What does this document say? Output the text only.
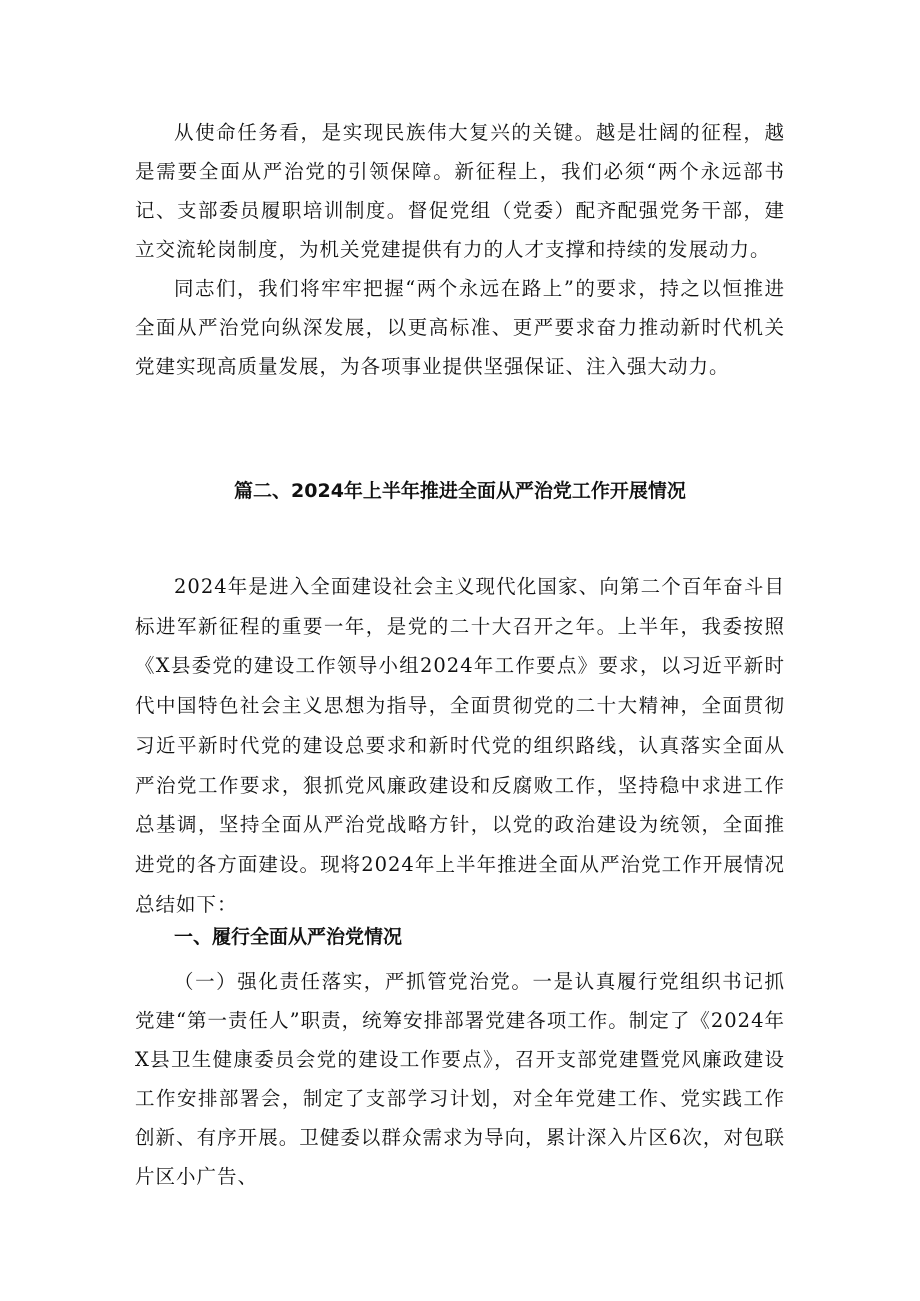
从使命任务看，是实现民族伟大复兴的关键。越是壮阔的征程，越是需要全面从严治党的引领保障。新征程上，我们必须“两个永远部书记、支部委员履职培训制度。督促党组（党委）配齐配强党务干部，建立交流轮岗制度，为机关党建提供有力的人才支撑和持续的发展动力。

同志们，我们将牢牢把握“两个永远在路上”的要求，持之以恒推进全面从严治党向纵深发展，以更高标准、更严要求奋力推动新时代机关党建实现高质量发展，为各项事业提供坚强保证、注入强大动力。

篇二、2024年上半年推进全面从严治党工作开展情况

2024年是进入全面建设社会主义现代化国家、向第二个百年奋斗目标进军新征程的重要一年，是党的二十大召开之年。上半年，我委按照《X县委党的建设工作领导小组2024年工作要点》要求，以习近平新时代中国特色社会主义思想为指导，全面贯彻党的二十大精神，全面贯彻习近平新时代党的建设总要求和新时代党的组织路线，认真落实全面从严治党工作要求，狠抓党风廉政建设和反腐败工作，坚持稳中求进工作总基调，坚持全面从严治党战略方针，以党的政治建设为统领，全面推进党的各方面建设。现将2024年上半年推进全面从严治党工作开展情况总结如下：

一、履行全面从严治党情况

（一）强化责任落实，严抓管党治党。一是认真履行党组织书记抓党建“第一责任人”职责，统筹安排部署党建各项工作。制定了《2024年X县卫生健康委员会党的建设工作要点》，召开支部党建暨党风廉政建设工作安排部署会，制定了支部学习计划，对全年党建工作、党实践工作创新、有序开展。卫健委以群众需求为导向，累计深入片区6次，对包联片区小广告、
